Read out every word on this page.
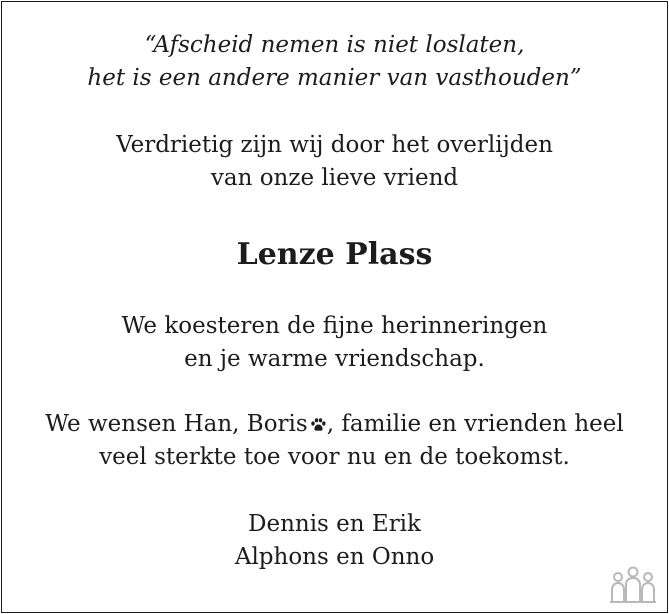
“Afscheid nemen is niet loslaten,
het is een andere manier van vasthouden”
Verdrietig zijn wij door het overlijden
van onze lieve vriend
Lenze Plass
We koesteren de fijne herinneringen
en je warme vriendschap.
We wensen Han, Boris , familie en vrienden heel
veel sterkte toe voor nu en de toekomst.
Dennis en Erik
Alphons en Onno
